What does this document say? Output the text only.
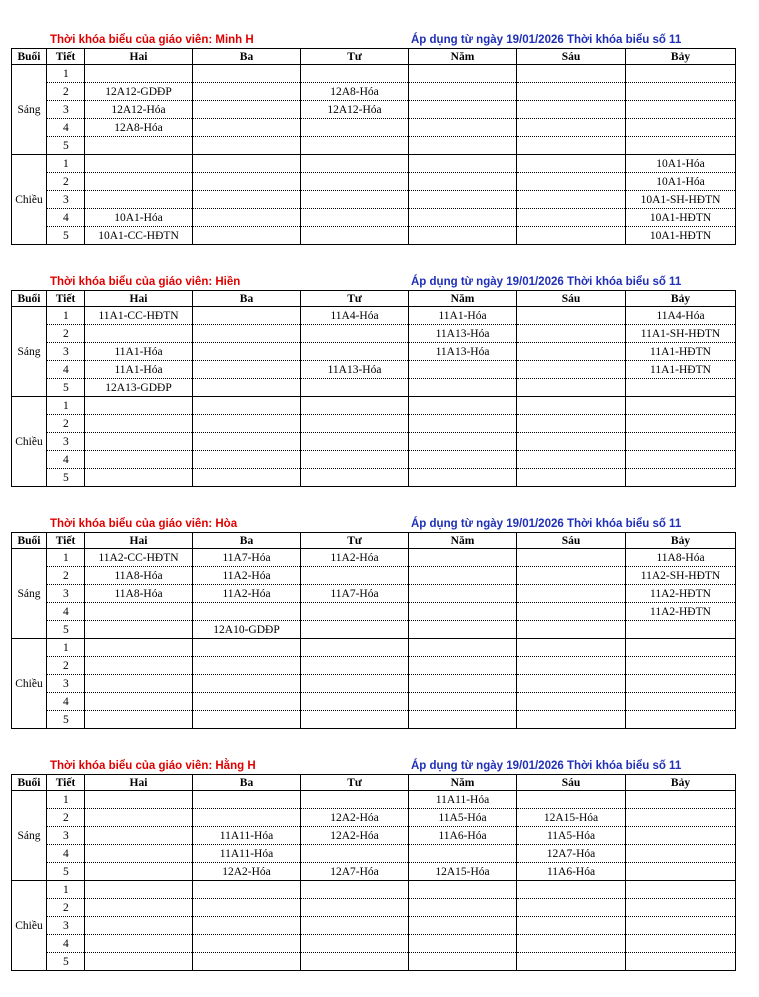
Thời khóa biểu của giáo viên: Minh H	Áp dụng từ ngày 19/01/2026 Thời khóa biểu số 11
Buổi	Tiết	Hai	Ba	Tư	Năm	Sáu	Bảy
Sáng	1						
	2	12A12-GDĐP		12A8-Hóa			
	3	12A12-Hóa		12A12-Hóa			
	4	12A8-Hóa					
	5						
Chiều	1						10A1-Hóa
	2						10A1-Hóa
	3						10A1-SH-HĐTN
	4	10A1-Hóa					10A1-HĐTN
	5	10A1-CC-HĐTN					10A1-HĐTN
Thời khóa biểu của giáo viên: Hiền	Áp dụng từ ngày 19/01/2026 Thời khóa biểu số 11
Buổi	Tiết	Hai	Ba	Tư	Năm	Sáu	Bảy
Sáng	1	11A1-CC-HĐTN		11A4-Hóa	11A1-Hóa		11A4-Hóa
	2				11A13-Hóa		11A1-SH-HĐTN
	3	11A1-Hóa			11A13-Hóa		11A1-HĐTN
	4	11A1-Hóa		11A13-Hóa			11A1-HĐTN
	5	12A13-GDĐP					
Chiều	1						
	2						
	3						
	4						
	5						
Thời khóa biểu của giáo viên: Hòa	Áp dụng từ ngày 19/01/2026 Thời khóa biểu số 11
Buổi	Tiết	Hai	Ba	Tư	Năm	Sáu	Bảy
Sáng	1	11A2-CC-HĐTN	11A7-Hóa	11A2-Hóa			11A8-Hóa
	2	11A8-Hóa	11A2-Hóa				11A2-SH-HĐTN
	3	11A8-Hóa	11A2-Hóa	11A7-Hóa			11A2-HĐTN
	4						11A2-HĐTN
	5		12A10-GDĐP				
Chiều	1						
	2						
	3						
	4						
	5						
Thời khóa biểu của giáo viên: Hằng H	Áp dụng từ ngày 19/01/2026 Thời khóa biểu số 11
Buổi	Tiết	Hai	Ba	Tư	Năm	Sáu	Bảy
Sáng	1				11A11-Hóa		
	2			12A2-Hóa	11A5-Hóa	12A15-Hóa	
	3		11A11-Hóa	12A2-Hóa	11A6-Hóa	11A5-Hóa	
	4		11A11-Hóa			12A7-Hóa	
	5		12A2-Hóa	12A7-Hóa	12A15-Hóa	11A6-Hóa	
Chiều	1						
	2						
	3						
	4						
	5						
